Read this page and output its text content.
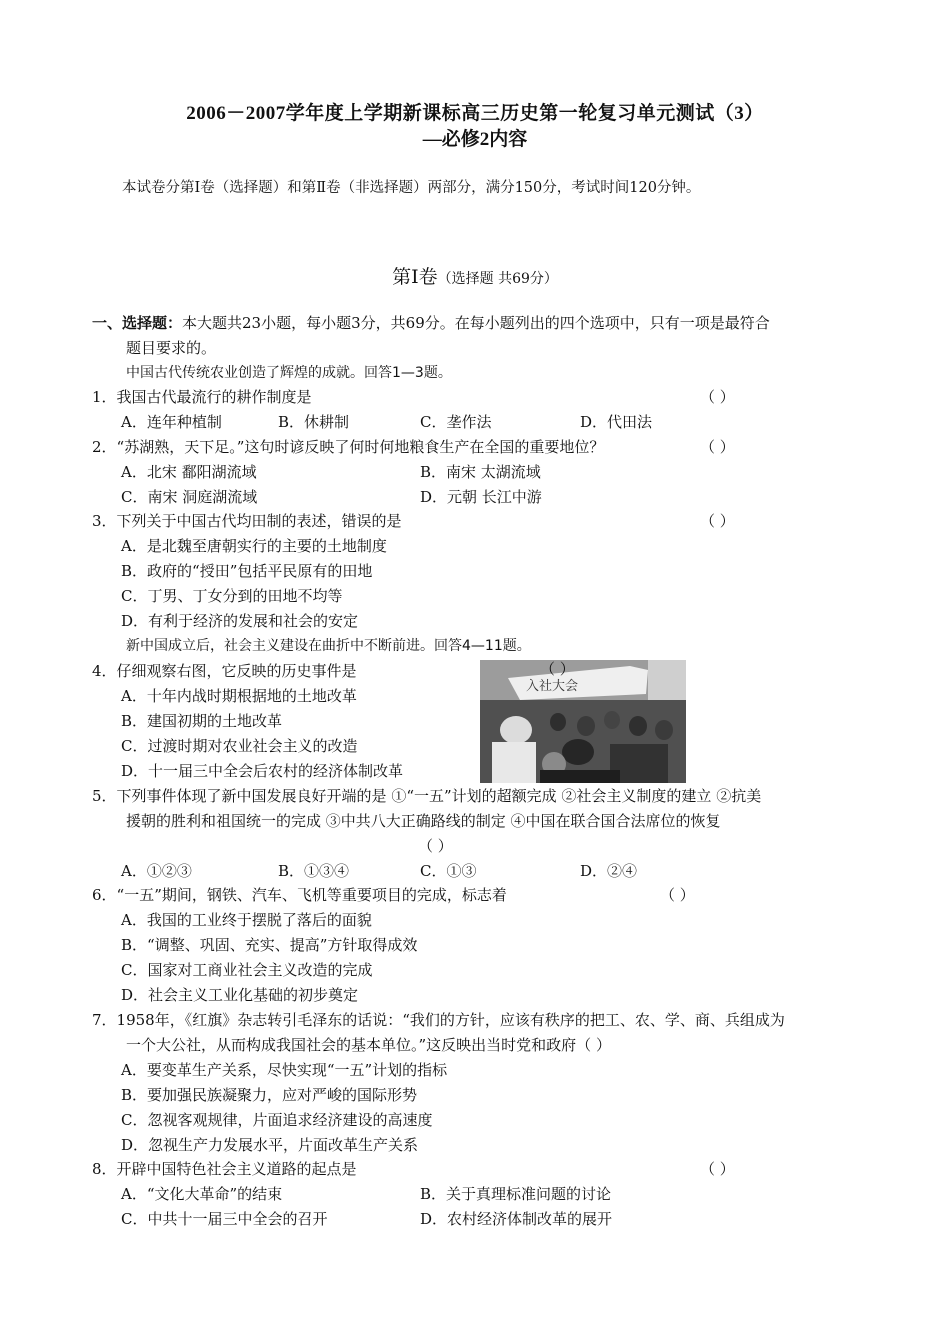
2006－2007学年度上学期新课标高三历史第一轮复习单元测试（3）
—必修2内容
本试卷分第Ⅰ卷（选择题）和第Ⅱ卷（非选择题）两部分，满分150分，考试时间120分钟。
第Ⅰ卷（选择题 共69分）
一、选择题：本大题共23小题，每小题3分，共69分。在每小题列出的四个选项中，只有一项是最符合
题目要求的。
中国古代传统农业创造了辉煌的成就。回答1—3题。
1．我国古代最流行的耕作制度是	（ ）
A．连年种植制	B．休耕制	C．垄作法	D．代田法
2．“苏湖熟，天下足。”这句时谚反映了何时何地粮食生产在全国的重要地位？	（ ）
A．北宋 鄱阳湖流域	B．南宋 太湖流域
C．南宋 洞庭湖流域	D．元朝 长江中游
3．下列关于中国古代均田制的表述，错误的是	（ ）
A．是北魏至唐朝实行的主要的土地制度
B．政府的“授田”包括平民原有的田地
C．丁男、丁女分到的田地不均等
D．有利于经济的发展和社会的安定
新中国成立后，社会主义建设在曲折中不断前进。回答4—11题。
入社大会
4．仔细观察右图，它反映的历史事件是	（ ）
A．十年内战时期根据地的土地改革
B．建国初期的土地改革
C．过渡时期对农业社会主义的改造
D．十一届三中全会后农村的经济体制改革
5．下列事件体现了新中国发展良好开端的是 ①“一五”计划的超额完成 ②社会主义制度的建立 ②抗美
援朝的胜利和祖国统一的完成 ③中共八大正确路线的制定 ④中国在联合国合法席位的恢复
（ ）
A．①②③	B．①③④	C．①③	D．②④
6．“一五”期间，钢铁、汽车、飞机等重要项目的完成，标志着	（ ）
A．我国的工业终于摆脱了落后的面貌
B．“调整、巩固、充实、提高”方针取得成效
C．国家对工商业社会主义改造的完成
D．社会主义工业化基础的初步奠定
7．1958年，《红旗》杂志转引毛泽东的话说：“我们的方针，应该有秩序的把工、农、学、商、兵组成为
一个大公社，从而构成我国社会的基本单位。”这反映出当时党和政府（ ）
A．要变革生产关系，尽快实现“一五”计划的指标
B．要加强民族凝聚力，应对严峻的国际形势
C．忽视客观规律，片面追求经济建设的高速度
D．忽视生产力发展水平，片面改革生产关系
8．开辟中国特色社会主义道路的起点是	（ ）
A．“文化大革命”的结束	B．关于真理标准问题的讨论
C．中共十一届三中全会的召开	D．农村经济体制改革的展开
